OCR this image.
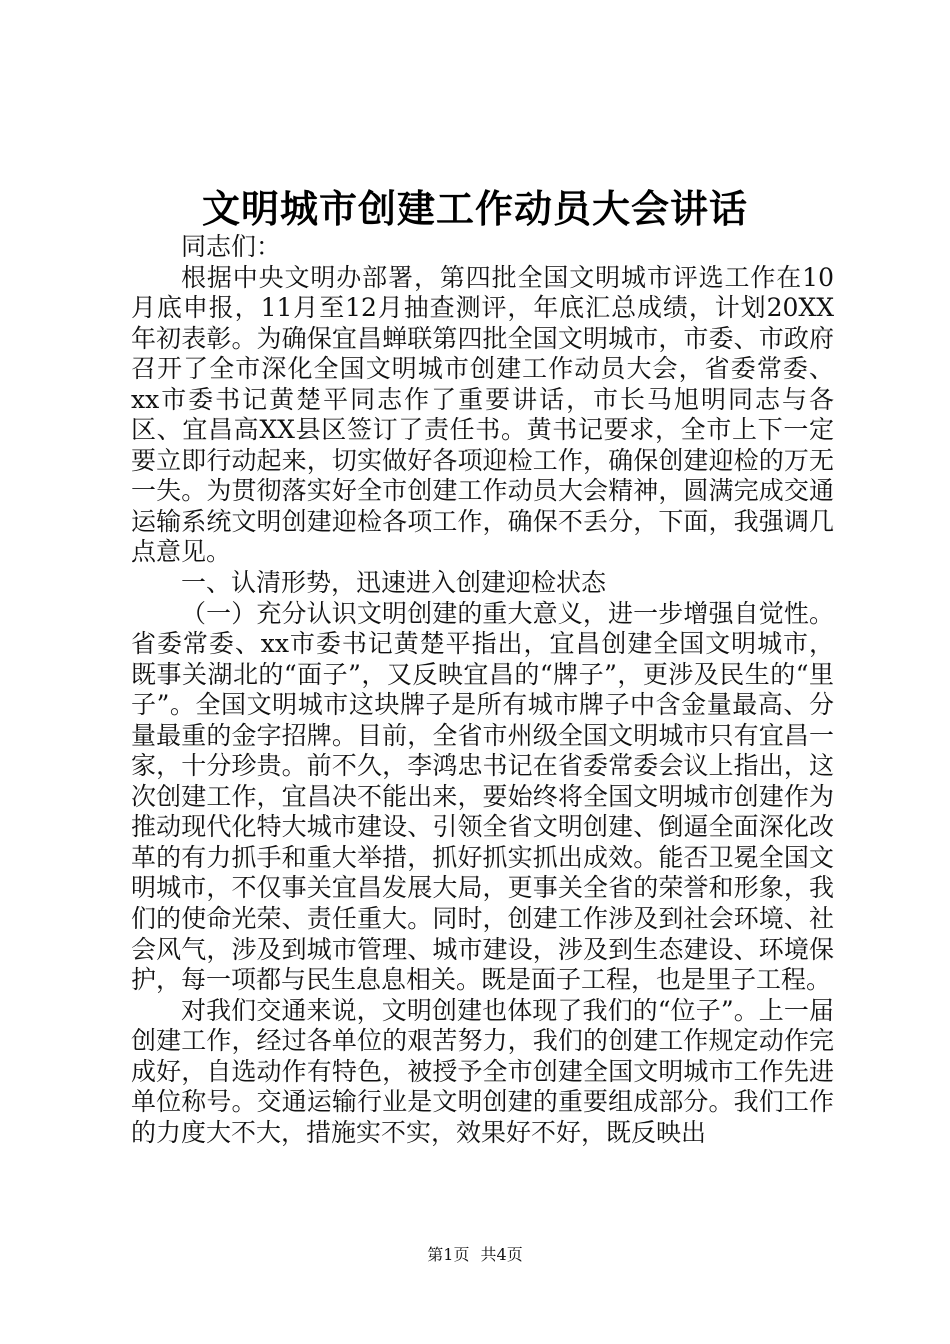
文明城市创建工作动员大会讲话

同志们：

根据中央文明办部署，第四批全国文明城市评选工作在10月底申报，11月至12月抽查测评，年底汇总成绩，计划20XX年初表彰。为确保宜昌蝉联第四批全国文明城市，市委、市政府召开了全市深化全国文明城市创建工作动员大会，省委常委、xx市委书记黄楚平同志作了重要讲话，市长马旭明同志与各区、宜昌高XX县区签订了责任书。黄书记要求，全市上下一定要立即行动起来，切实做好各项迎检工作，确保创建迎检的万无一失。为贯彻落实好全市创建工作动员大会精神，圆满完成交通运输系统文明创建迎检各项工作，确保不丢分，下面，我强调几点意见。

一、认清形势，迅速进入创建迎检状态

（一）充分认识文明创建的重大意义，进一步增强自觉性。省委常委、xx市委书记黄楚平指出，宜昌创建全国文明城市，既事关湖北的“面子”，又反映宜昌的“牌子”，更涉及民生的“里子”。全国文明城市这块牌子是所有城市牌子中含金量最高、分量最重的金字招牌。目前，全省市州级全国文明城市只有宜昌一家，十分珍贵。前不久，李鸿忠书记在省委常委会议上指出，这次创建工作，宜昌决不能出来，要始终将全国文明城市创建作为推动现代化特大城市建设、引领全省文明创建、倒逼全面深化改革的有力抓手和重大举措，抓好抓实抓出成效。能否卫冕全国文明城市，不仅事关宜昌发展大局，更事关全省的荣誉和形象，我们的使命光荣、责任重大。同时，创建工作涉及到社会环境、社会风气，涉及到城市管理、城市建设，涉及到生态建设、环境保护，每一项都与民生息息相关。既是面子工程，也是里子工程。

对我们交通来说，文明创建也体现了我们的“位子”。上一届创建工作，经过各单位的艰苦努力，我们的创建工作规定动作完成好，自选动作有特色，被授予全市创建全国文明城市工作先进单位称号。交通运输行业是文明创建的重要组成部分。我们工作的力度大不大，措施实不实，效果好不好，既反映出

第1页 共4页
